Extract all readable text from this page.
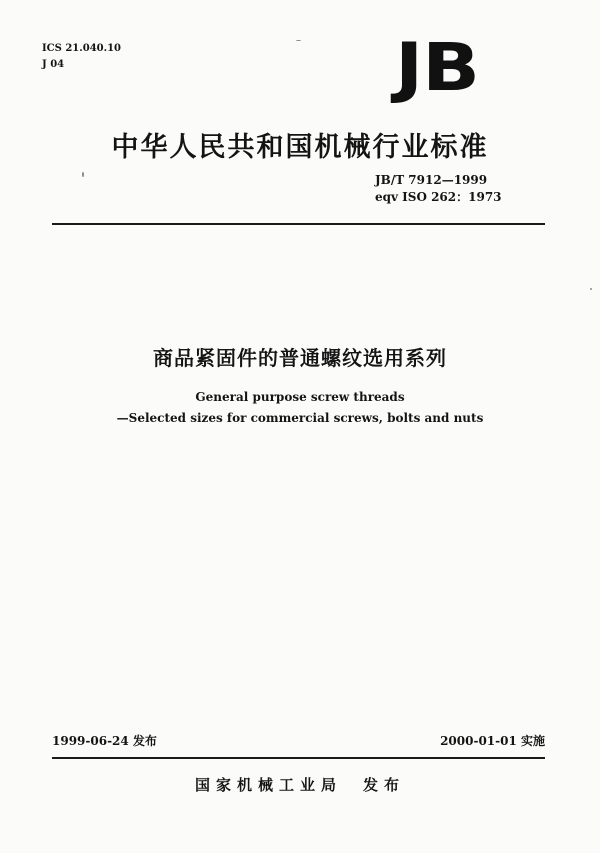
ICS 21.040.10
J 04	JB
中华人民共和国机械行业标准
JB/T 7912—1999
eqv ISO 262：1973
商品紧固件的普通螺纹选用系列
General purpose screw threads
—Selected sizes for commercial screws, bolts and nuts
1999-06-24 发布	2000-01-01 实施
国家机械工业局　发布
